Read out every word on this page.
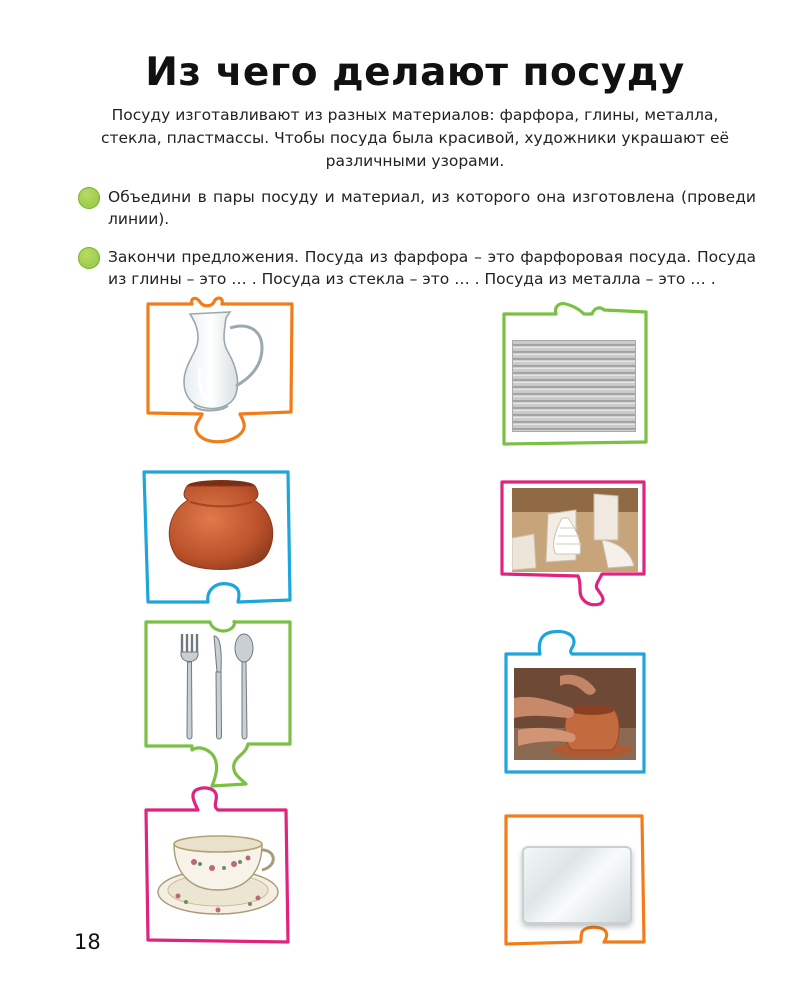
Из чего делают посуду
Посуду изготавливают из разных материалов: фарфора, глины, металла, стекла, пластмассы. Чтобы посуда была красивой, художники украшают её различными узорами.
Объедини в пары посуду и материал, из которого она изготовлена (проведи линии).
Закончи предложения. Посуда из фарфора – это фарфоровая посуда. Посуда из глины – это … . Посуда из стекла – это … . Посуда из металла – это … .
18
